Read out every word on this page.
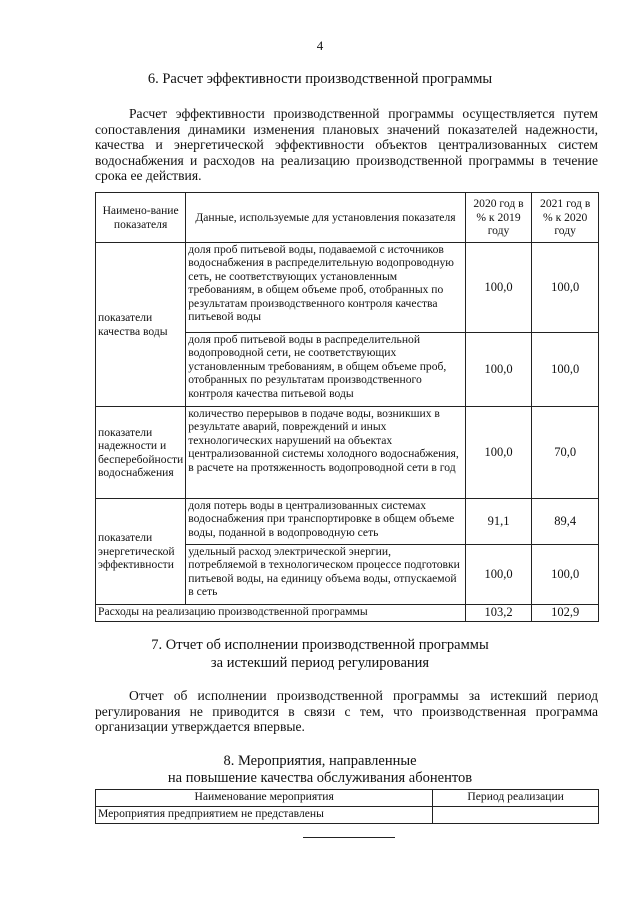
4
6. Расчет эффективности производственной программы
Расчет эффективности производственной программы осуществляется путем сопоставления динамики изменения плановых значений показателей надежности, качества и энергетической эффективности объектов централизованных систем водоснабжения и расходов на реализацию производственной программы в течение срока ее действия.
Наимено-вание показателя	Данные, используемые для установления показателя	2020 год в % к 2019 году	2021 год в % к 2020 году
показатели качества воды	доля проб питьевой воды, подаваемой с источников водоснабжения в распределительную водопроводную сеть, не соответствующих установленным требованиям, в общем объеме проб, отобранных по результатам производственного контроля качества питьевой воды	100,0	100,0
	доля проб питьевой воды в распределительной водопроводной сети, не соответствующих установленным требованиям, в общем объеме проб, отобранных по результатам производственного контроля качества питьевой воды	100,0	100,0
показатели надежности и бесперебойности водоснабжения	количество перерывов в подаче воды, возникших в результате аварий, повреждений и иных технологических нарушений на объектах централизованной системы холодного водоснабжения, в расчете на протяженность водопроводной сети в год	100,0	70,0
показатели энергетической эффективности	доля потерь воды в централизованных системах водоснабжения при транспортировке в общем объеме воды, поданной в водопроводную сеть	91,1	89,4
	удельный расход электрической энергии, потребляемой в технологическом процессе подготовки питьевой воды, на единицу объема воды, отпускаемой в сеть	100,0	100,0
Расходы на реализацию производственной программы		103,2	102,9
7. Отчет об исполнении производственной программы
за истекший период регулирования
Отчет об исполнении производственной программы за истекший период регулирования не приводится в связи с тем, что производственная программа организации утверждается впервые.
8. Мероприятия, направленные
на повышение качества обслуживания абонентов
Наименование мероприятия	Период реализации
Мероприятия предприятием не представлены	
